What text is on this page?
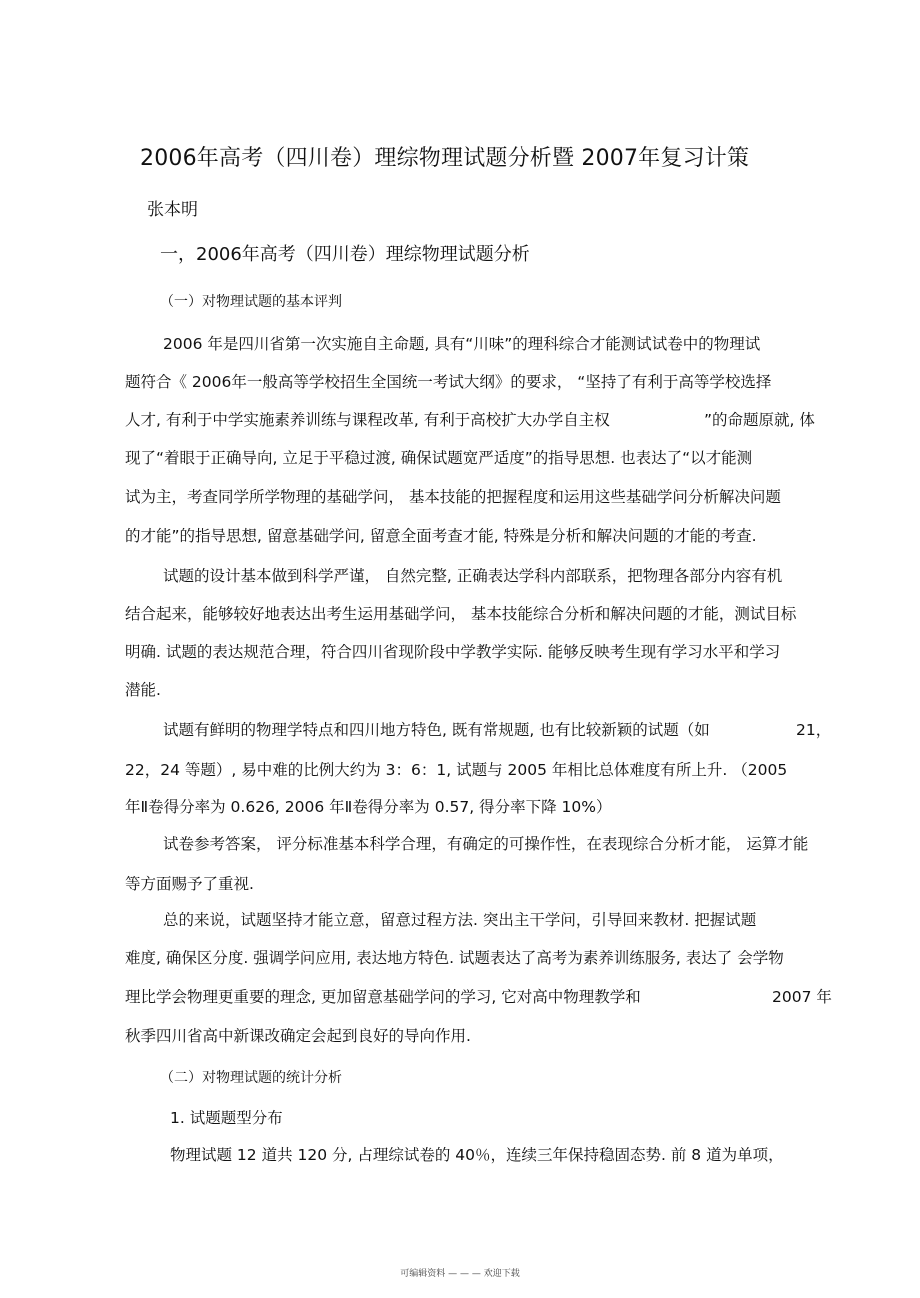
2006年高考（四川卷）理综物理试题分析暨 2007年复习计策
张本明
一，2006年高考（四川卷）理综物理试题分析
（一）对物理试题的基本评判
2006 年是四川省第一次实施自主命题, 具有“川味”的理科综合才能测试试卷中的物理试
题符合《 2006年一般高等学校招生全国统一考试大纲》的要求， “坚持了有利于高等学校选择
人才, 有利于中学实施素养训练与课程改革, 有利于高校扩大办学自主权	”的命题原就, 体
现了“着眼于正确导向, 立足于平稳过渡, 确保试题宽严适度”的指导思想. 也表达了“以才能测
试为主，考查同学所学物理的基础学问， 基本技能的把握程度和运用这些基础学问分析解决问题
的才能”的指导思想, 留意基础学问, 留意全面考查才能, 特殊是分析和解决问题的才能的考查.
试题的设计基本做到科学严谨， 自然完整, 正确表达学科内部联系，把物理各部分内容有机
结合起来，能够较好地表达出考生运用基础学问， 基本技能综合分析和解决问题的才能，测试目标
明确. 试题的表达规范合理，符合四川省现阶段中学教学实际. 能够反映考生现有学习水平和学习
潜能.
试题有鲜明的物理学特点和四川地方特色, 既有常规题, 也有比较新颖的试题（如	21，
22，24 等题）, 易中难的比例大约为 3：6：1, 试题与 2005 年相比总体难度有所上升. （2005
年Ⅱ卷得分率为 0.626, 2006 年Ⅱ卷得分率为 0.57, 得分率下降 10%）
试卷参考答案， 评分标准基本科学合理，有确定的可操作性，在表现综合分析才能， 运算才能
等方面赐予了重视.
总的来说，试题坚持才能立意，留意过程方法. 突出主干学问，引导回来教材. 把握试题
难度, 确保区分度. 强调学问应用, 表达地方特色. 试题表达了高考为素养训练服务, 表达了 会学物
理比学会物理更重要的理念, 更加留意基础学问的学习, 它对高中物理教学和	2007 年
秋季四川省高中新课改确定会起到良好的导向作用.
（二）对物理试题的统计分析
1. 试题题型分布
物理试题 12 道共 120 分, 占理综试卷的 40％，连续三年保持稳固态势. 前 8 道为单项，
可编辑资料 — — — 欢迎下载
